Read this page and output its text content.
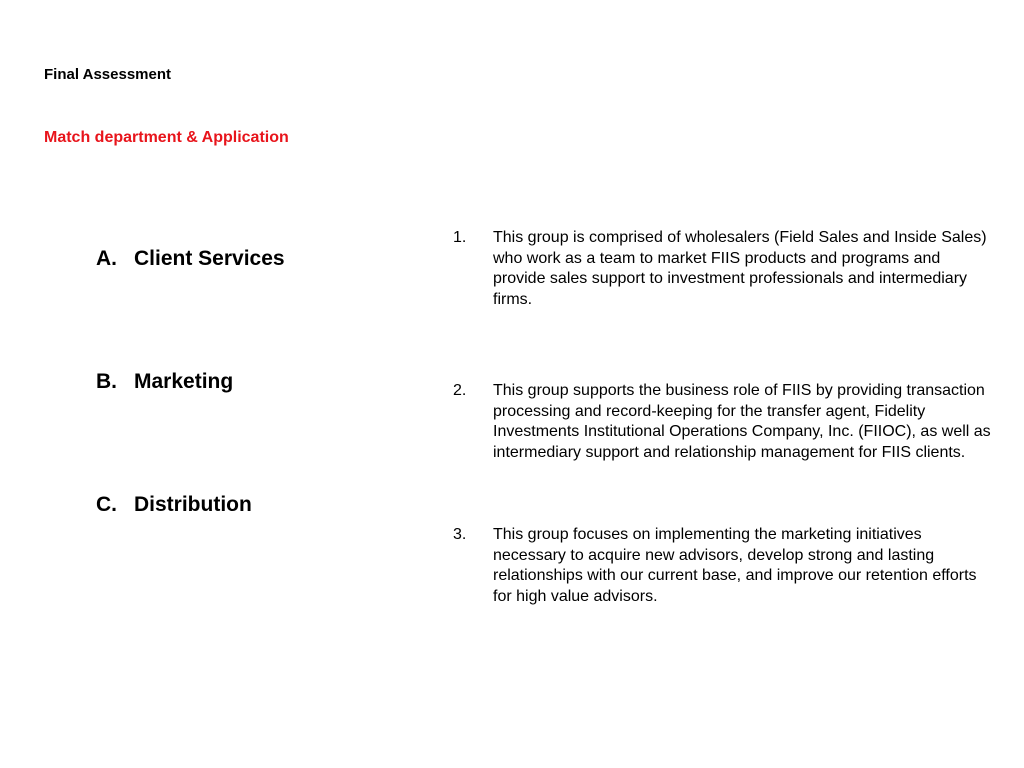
Final Assessment
Match department & Application
A. Client Services
B. Marketing
C. Distribution
1. This group is comprised of wholesalers (Field Sales and Inside Sales) who work as a team to market FIIS products and programs and provide sales support to investment professionals and intermediary firms.
2. This group supports the business role of FIIS by providing transaction processing and record-keeping for the transfer agent, Fidelity Investments Institutional Operations Company, Inc. (FIIOC), as well as intermediary support and relationship management for FIIS clients.
3. This group focuses on implementing the marketing initiatives necessary to acquire new advisors, develop strong and lasting relationships with our current base, and improve our retention efforts for high value advisors.
